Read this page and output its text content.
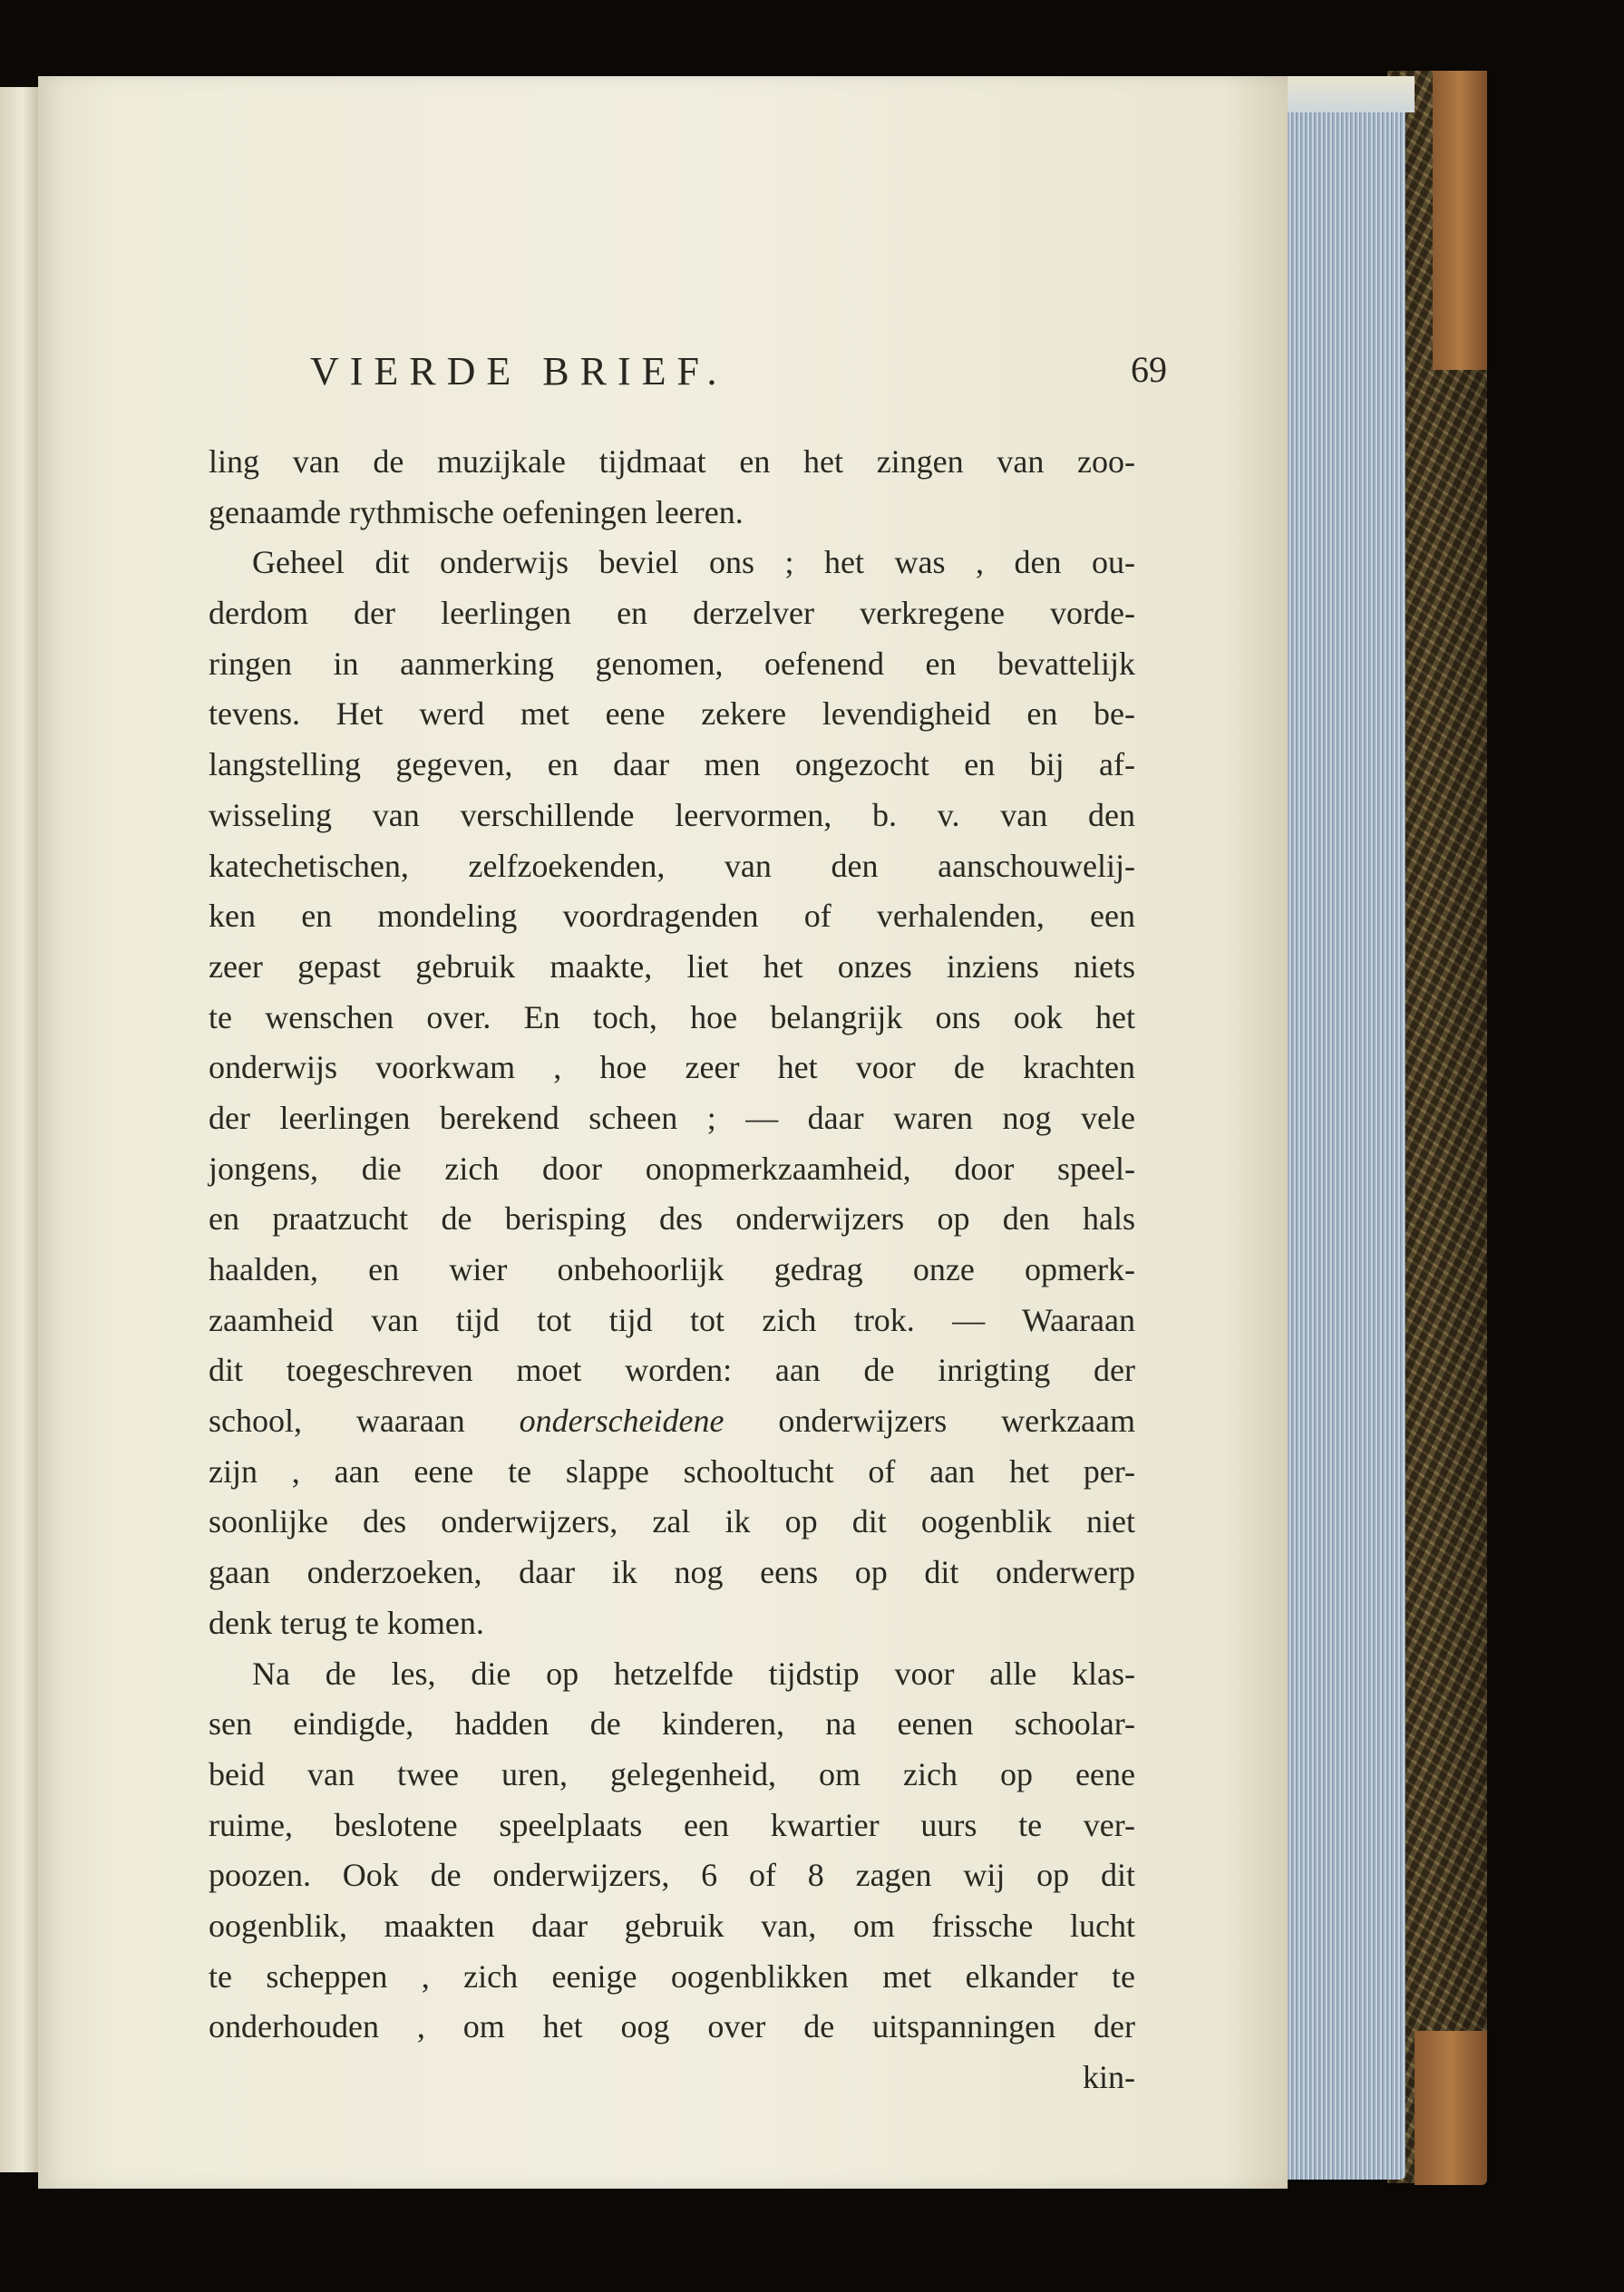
VIERDE BRIEF.	69
ling van de muzijkale tijdmaat en het zingen van zoo-
genaamde rythmische oefeningen leeren.
Geheel dit onderwijs beviel ons ; het was , den ou-
derdom der leerlingen en derzelver verkregene vorde-
ringen in aanmerking genomen, oefenend en bevattelijk
tevens. Het werd met eene zekere levendigheid en be-
langstelling gegeven, en daar men ongezocht en bij af-
wisseling van verschillende leervormen, b. v. van den
katechetischen, zelfzoekenden, van den aanschouwelij-
ken en mondeling voordragenden of verhalenden, een
zeer gepast gebruik maakte, liet het onzes inziens niets
te wenschen over. En toch, hoe belangrijk ons ook het
onderwijs voorkwam , hoe zeer het voor de krachten
der leerlingen berekend scheen ; — daar waren nog vele
jongens, die zich door onopmerkzaamheid, door speel-
en praatzucht de berisping des onderwijzers op den hals
haalden, en wier onbehoorlijk gedrag onze opmerk-
zaamheid van tijd tot tijd tot zich trok. — Waaraan
dit toegeschreven moet worden: aan de inrigting der
school, waaraan onderscheidene onderwijzers werkzaam
zijn , aan eene te slappe schooltucht of aan het per-
soonlijke des onderwijzers, zal ik op dit oogenblik niet
gaan onderzoeken, daar ik nog eens op dit onderwerp
denk terug te komen.
Na de les, die op hetzelfde tijdstip voor alle klas-
sen eindigde, hadden de kinderen, na eenen schoolar-
beid van twee uren, gelegenheid, om zich op eene
ruime, beslotene speelplaats een kwartier uurs te ver-
poozen. Ook de onderwijzers, 6 of 8 zagen wij op dit
oogenblik, maakten daar gebruik van, om frissche lucht
te scheppen , zich eenige oogenblikken met elkander te
onderhouden , om het oog over de uitspanningen der
kin-
